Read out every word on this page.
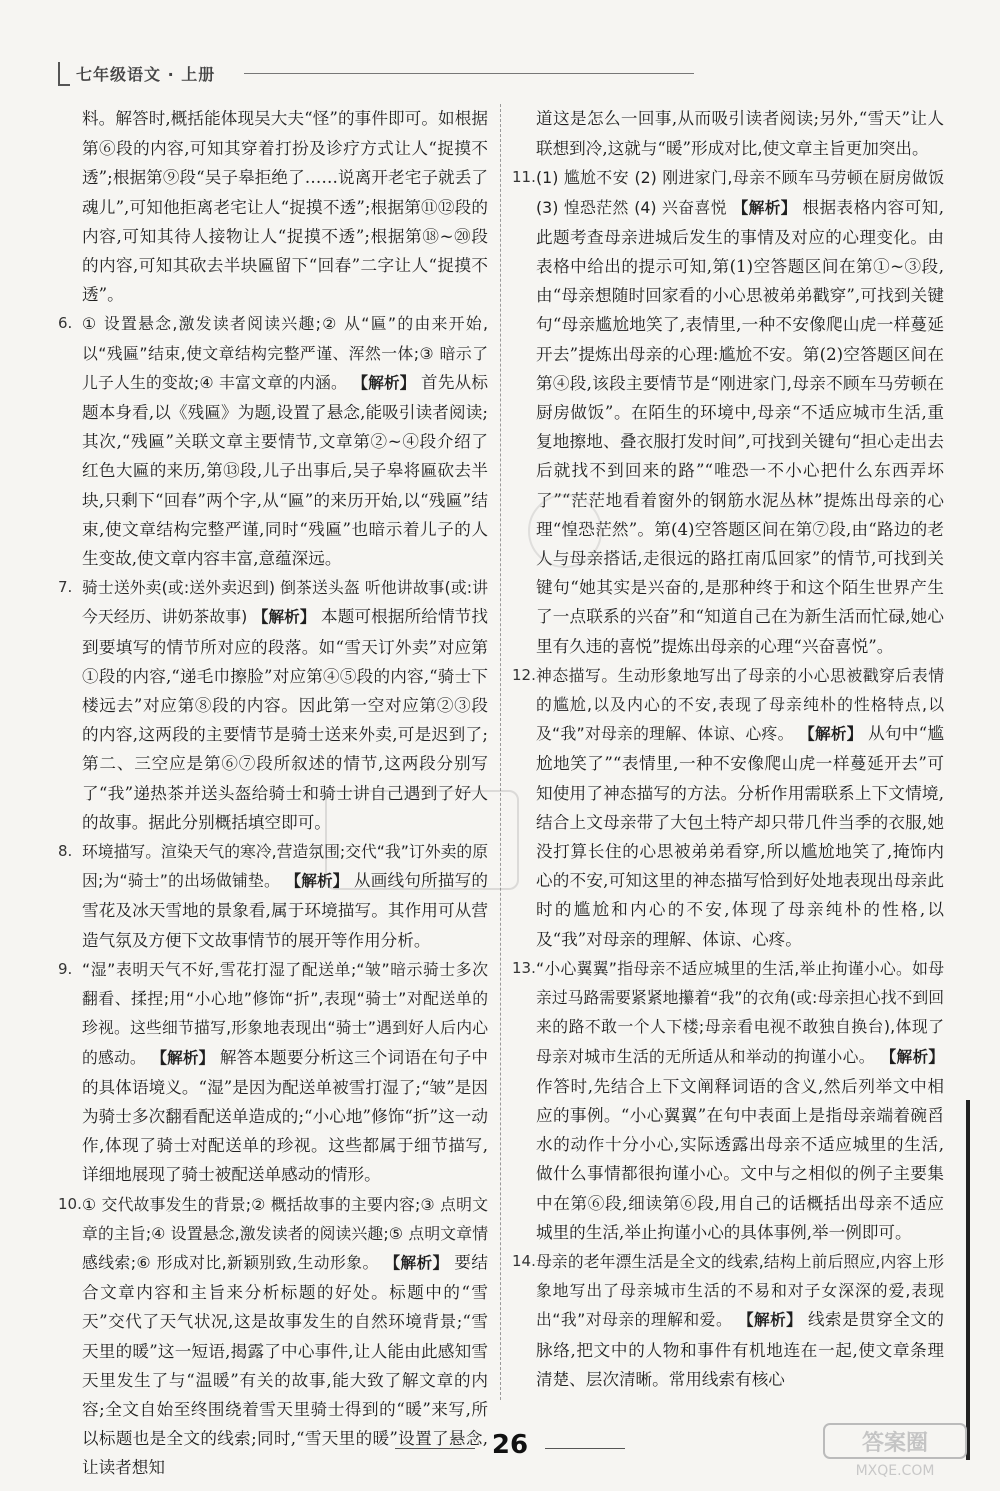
七年级语文 · 上册

料。解答时,概括能体现吴大夫“怪”的事件即可。如根据第⑥段的内容,可知其穿着打扮及诊疗方式让人“捉摸不透”;根据第⑨段“吴子皋拒绝了……说离开老宅子就丢了魂儿”,可知他拒离老宅让人“捉摸不透”;根据第⑪⑫段的内容,可知其待人接物让人“捉摸不透”;根据第⑱~⑳段的内容,可知其砍去半块匾留下“回春”二字让人“捉摸不透”。

6. ① 设置悬念,激发读者阅读兴趣;② 从“匾”的由来开始,以“残匾”结束,使文章结构完整严谨、浑然一体;③ 暗示了儿子人生的变故;④ 丰富文章的内涵。 【解析】 首先从标题本身看,以《残匾》为题,设置了悬念,能吸引读者阅读;其次,“残匾”关联文章主要情节,文章第②~④段介绍了红色大匾的来历,第⑬段,儿子出事后,吴子皋将匾砍去半块,只剩下“回春”两个字,从“匾”的来历开始,以“残匾”结束,使文章结构完整严谨,同时“残匾”也暗示着儿子的人生变故,使文章内容丰富,意蕴深远。

7. 骑士送外卖(或:送外卖迟到) 倒茶送头盔 听他讲故事(或:讲今天经历、讲奶茶故事) 【解析】 本题可根据所给情节找到要填写的情节所对应的段落。如“雪天订外卖”对应第①段的内容,“递毛巾擦脸”对应第④⑤段的内容,“骑士下楼远去”对应第⑧段的内容。因此第一空对应第②③段的内容,这两段的主要情节是骑士送来外卖,可是迟到了;第二、三空应是第⑥⑦段所叙述的情节,这两段分别写了“我”递热茶并送头盔给骑士和骑士讲自己遇到了好人的故事。据此分别概括填空即可。

8. 环境描写。渲染天气的寒冷,营造氛围;交代“我”订外卖的原因;为“骑士”的出场做铺垫。 【解析】 从画线句所描写的雪花及冰天雪地的景象看,属于环境描写。其作用可从营造气氛及方便下文故事情节的展开等作用分析。

9. “湿”表明天气不好,雪花打湿了配送单;“皱”暗示骑士多次翻看、揉捏;用“小心地”修饰“折”,表现“骑士”对配送单的珍视。这些细节描写,形象地表现出“骑士”遇到好人后内心的感动。 【解析】 解答本题要分析这三个词语在句子中的具体语境义。“湿”是因为配送单被雪打湿了;“皱”是因为骑士多次翻看配送单造成的;“小心地”修饰“折”这一动作,体现了骑士对配送单的珍视。这些都属于细节描写,详细地展现了骑士被配送单感动的情形。

10. ① 交代故事发生的背景;② 概括故事的主要内容;③ 点明文章的主旨;④ 设置悬念,激发读者的阅读兴趣;⑤ 点明文章情感线索;⑥ 形成对比,新颖别致,生动形象。 【解析】 要结合文章内容和主旨来分析标题的好处。标题中的“雪天”交代了天气状况,这是故事发生的自然环境背景;“雪天里的暖”这一短语,揭露了中心事件,让人能由此感知雪天里发生了与“温暖”有关的故事,能大致了解文章的内容;全文自始至终围绕着雪天里骑士得到的“暖”来写,所以标题也是全文的线索;同时,“雪天里的暖”设置了悬念,让读者想知

道这是怎么一回事,从而吸引读者阅读;另外,“雪天”让人联想到冷,这就与“暖”形成对比,使文章主旨更加突出。

11. (1) 尴尬不安 (2) 刚进家门,母亲不顾车马劳顿在厨房做饭 (3) 惶恐茫然 (4) 兴奋喜悦 【解析】 根据表格内容可知,此题考查母亲进城后发生的事情及对应的心理变化。由表格中给出的提示可知,第(1)空答题区间在第①~③段,由“母亲想随时回家看的小心思被弟弟戳穿”,可找到关键句“母亲尴尬地笑了,表情里,一种不安像爬山虎一样蔓延开去”提炼出母亲的心理:尴尬不安。第(2)空答题区间在第④段,该段主要情节是“刚进家门,母亲不顾车马劳顿在厨房做饭”。在陌生的环境中,母亲“不适应城市生活,重复地擦地、叠衣服打发时间”,可找到关键句“担心走出去后就找不到回来的路”“唯恐一不小心把什么东西弄坏了”“茫茫地看着窗外的钢筋水泥丛林”提炼出母亲的心理“惶恐茫然”。第(4)空答题区间在第⑦段,由“路边的老人与母亲搭话,走很远的路扛南瓜回家”的情节,可找到关键句“她其实是兴奋的,是那种终于和这个陌生世界产生了一点联系的兴奋”和“知道自己在为新生活而忙碌,她心里有久违的喜悦”提炼出母亲的心理“兴奋喜悦”。

12. 神态描写。生动形象地写出了母亲的小心思被戳穿后表情的尴尬,以及内心的不安,表现了母亲纯朴的性格特点,以及“我”对母亲的理解、体谅、心疼。 【解析】 从句中“尴尬地笑了”“表情里,一种不安像爬山虎一样蔓延开去”可知使用了神态描写的方法。分析作用需联系上下文情境,结合上文母亲带了大包土特产却只带几件当季的衣服,她没打算长住的心思被弟弟看穿,所以尴尬地笑了,掩饰内心的不安,可知这里的神态描写恰到好处地表现出母亲此时的尴尬和内心的不安,体现了母亲纯朴的性格,以及“我”对母亲的理解、体谅、心疼。

13. “小心翼翼”指母亲不适应城里的生活,举止拘谨小心。如母亲过马路需要紧紧地攥着“我”的衣角(或:母亲担心找不到回来的路不敢一个人下楼;母亲看电视不敢独自换台),体现了母亲对城市生活的无所适从和举动的拘谨小心。 【解析】 作答时,先结合上下文阐释词语的含义,然后列举文中相应的事例。“小心翼翼”在句中表面上是指母亲端着碗舀水的动作十分小心,实际透露出母亲不适应城里的生活,做什么事情都很拘谨小心。文中与之相似的例子主要集中在第⑥段,细读第⑥段,用自己的话概括出母亲不适应城里的生活,举止拘谨小心的具体事例,举一例即可。

14. 母亲的老年漂生活是全文的线索,结构上前后照应,内容上形象地写出了母亲城市生活的不易和对子女深深的爱,表现出“我”对母亲的理解和爱。 【解析】 线索是贯穿全文的脉络,把文中的人物和事件有机地连在一起,使文章条理清楚、层次清晰。常用线索有核心

26	答案圈
MXQE.COM
